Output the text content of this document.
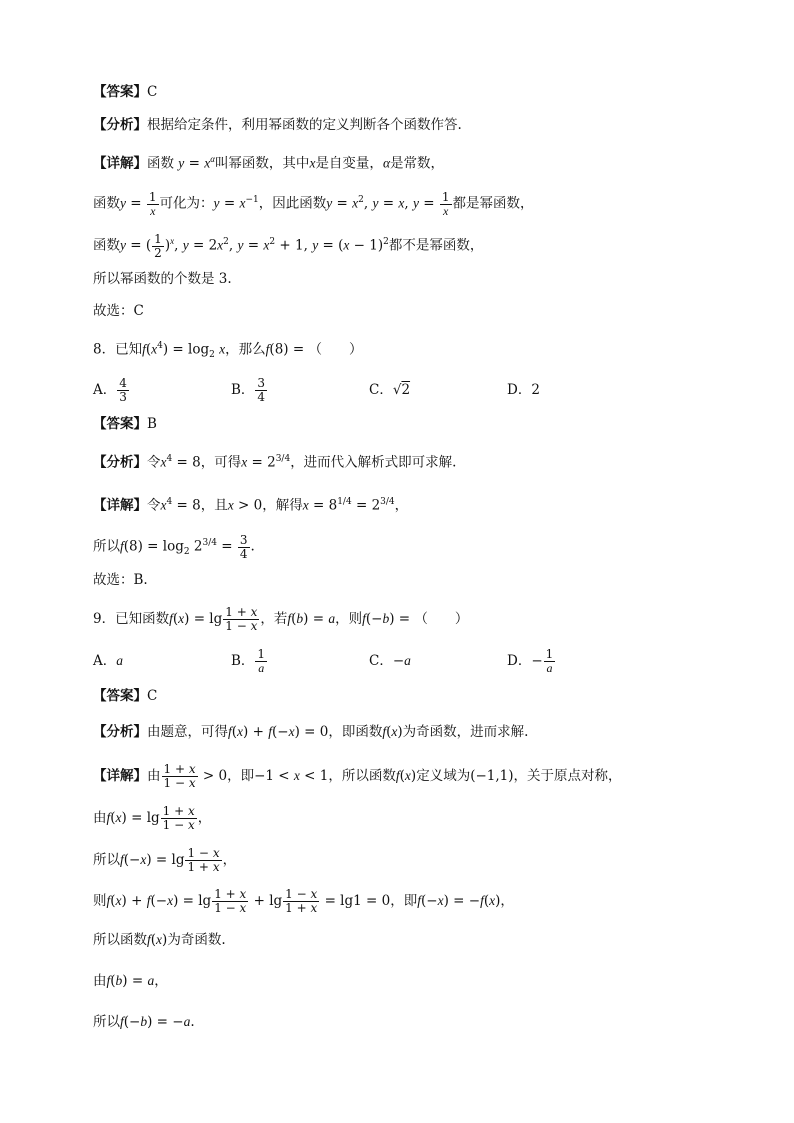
【答案】C
【分析】根据给定条件，利用幂函数的定义判断各个函数作答.
【详解】函数 $y = x^\alpha$叫幂函数，其中x是自变量，α是常数，
函数$y = \frac{1}{x}$ 可化为：$y = x^{-1}$，因此函数$y = x^2$, y = x, $y = \frac{1}{x}$ 都是幂函数，
函数y = ( $\frac{1}{2} )^x$, $y = 2x^2$, $y = x^2 + 1$, $y = (x - 1)^2$都不是幂函数，
所以幂函数的个数是 3.
故选：C
8．已知$f(x^4) = \log_2 x$，那么f(8) = （　　）
A． $\frac{4}{3}$	B． $\frac{3}{4}$	C．√2	D．2
【答案】B
【分析】令$x^4 = 8$，可得$x = 2^{3/4}$，进而代入解析式即可求解.
【详解】令$x^4 = 8$，且x > 0，解得$x = 8^{1/4} = 2^{3/4}$，
所以$f(8) = \log_2 2^{3/4} = \frac{3}{4}$ .
故选：B.
9．已知函数$f(x) = \lg \frac{1 + x}{1 - x}$ ，若f(b) = a，则f(−b) = （　　）
A．a	B． $\frac{1}{a}$	C．−a	D．− $\frac{1}{a}$
【答案】C
【分析】由题意，可得f(x) + f(−x) = 0，即函数f(x)为奇函数，进而求解.
【详解】由 $\frac{1 + x}{1 - x} > 0$，即−1 < x < 1，所以函数f(x)定义域为(−1,1)，关于原点对称，
由$f(x) = \lg \frac{1 + x}{1 - x}$ ，
所以$f(-x) = \lg \frac{1 - x}{1 + x}$ ，
则$f(x) + f(-x) = \lg \frac{1 + x}{1 - x} + \lg \frac{1 - x}{1 + x} = \lg 1 = 0$，即f(−x) = −f(x)，
所以函数f(x)为奇函数.
由f(b) = a，
所以f(−b) = −a.
